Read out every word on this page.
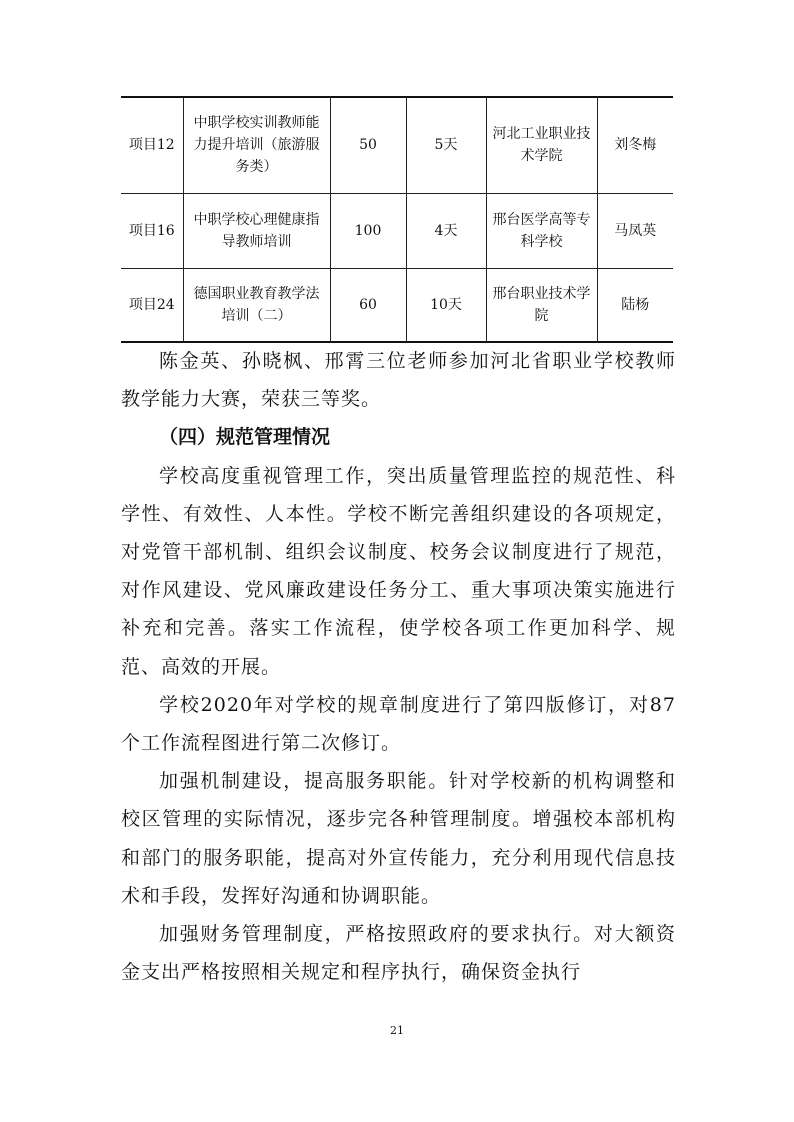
项目12	中职学校实训教师能力提升培训（旅游服务类）	50	5天	河北工业职业技术学院	刘冬梅
项目16	中职学校心理健康指导教师培训	100	4天	邢台医学高等专科学校	马凤英
项目24	德国职业教育教学法培训（二）	60	10天	邢台职业技术学院	陆杨

陈金英、孙晓枫、邢霄三位老师参加河北省职业学校教师教学能力大赛，荣获三等奖。

（四）规范管理情况

学校高度重视管理工作，突出质量管理监控的规范性、科学性、有效性、人本性。学校不断完善组织建设的各项规定，对党管干部机制、组织会议制度、校务会议制度进行了规范，对作风建设、党风廉政建设任务分工、重大事项决策实施进行补充和完善。落实工作流程，使学校各项工作更加科学、规范、高效的开展。

学校2020年对学校的规章制度进行了第四版修订，对87个工作流程图进行第二次修订。

加强机制建设，提高服务职能。针对学校新的机构调整和校区管理的实际情况，逐步完各种管理制度。增强校本部机构和部门的服务职能，提高对外宣传能力，充分利用现代信息技术和手段，发挥好沟通和协调职能。

加强财务管理制度，严格按照政府的要求执行。对大额资金支出严格按照相关规定和程序执行，确保资金执行

21
